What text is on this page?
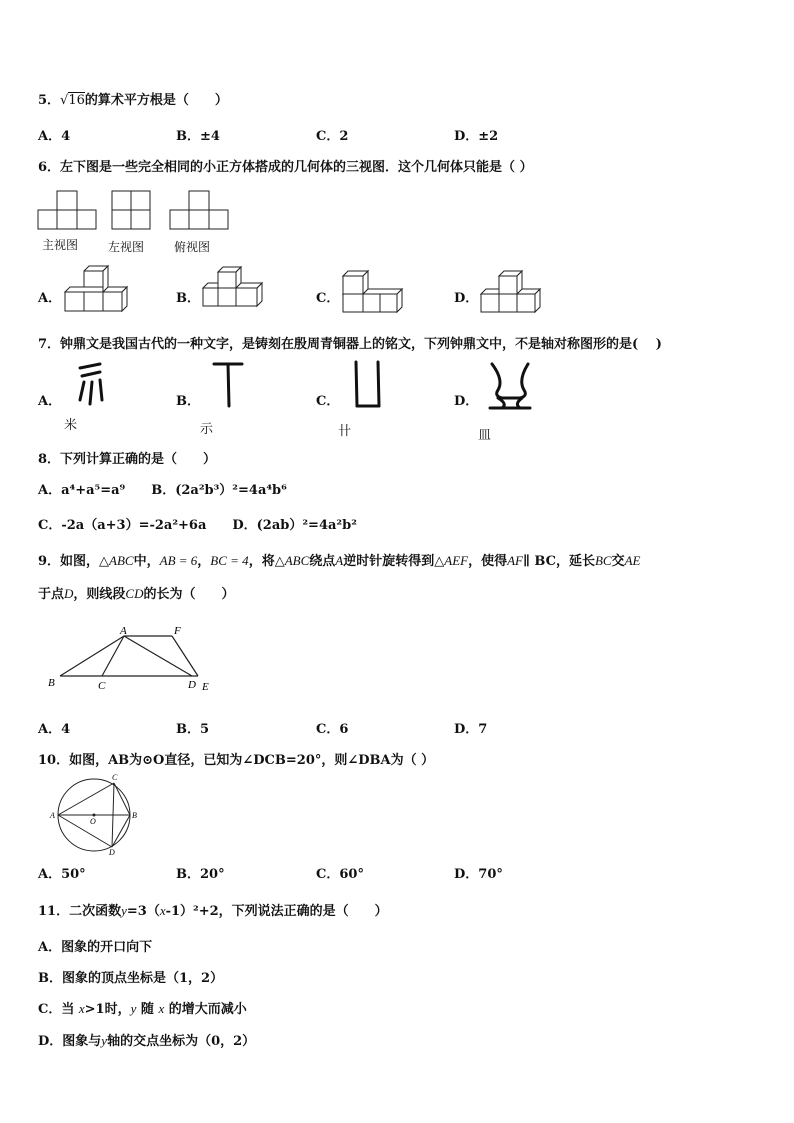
5．√16的算术平方根是（　　）
A．4	B．±4	C．2	D．±2
6．左下图是一些完全相同的小正方体搭成的几何体的三视图．这个几何体只能是（ ）
主视图 左视图 俯视图
A．	B．	C．	D．
7．钟鼎文是我国古代的一种文字，是铸刻在殷周青铜器上的铭文，下列钟鼎文中，不是轴对称图形的是(　 )
A．	B．	C．	D．
米	示	卄	皿
8．下列计算正确的是（　　）
A．a⁴+a⁵=a⁹　　B．(2a²b³）²=4a⁴b⁶
C．-2a（a+3）=-2a²+6a　　D．(2ab）²=4a²b²
9．如图，△ABC中，AB = 6，BC = 4，将△ABC绕点A逆时针旋转得到△AEF，使得AF∥ BC，延长BC交AE
于点D，则线段CD的长为（　　）
A	F
B	C	D E
A．4	B．5	C．6	D．7
10．如图，AB为⊙O直径，已知为∠DCB=20°，则∠DBA为（ ）
C
A
O
B
D
A．50°	B．20°	C．60°	D．70°
11．二次函数y=3（x-1）²+2，下列说法正确的是（　　）
A．图象的开口向下
B．图象的顶点坐标是（1，2）
C．当 x>1时，y 随 x 的增大而减小
D．图象与y轴的交点坐标为（0，2）
